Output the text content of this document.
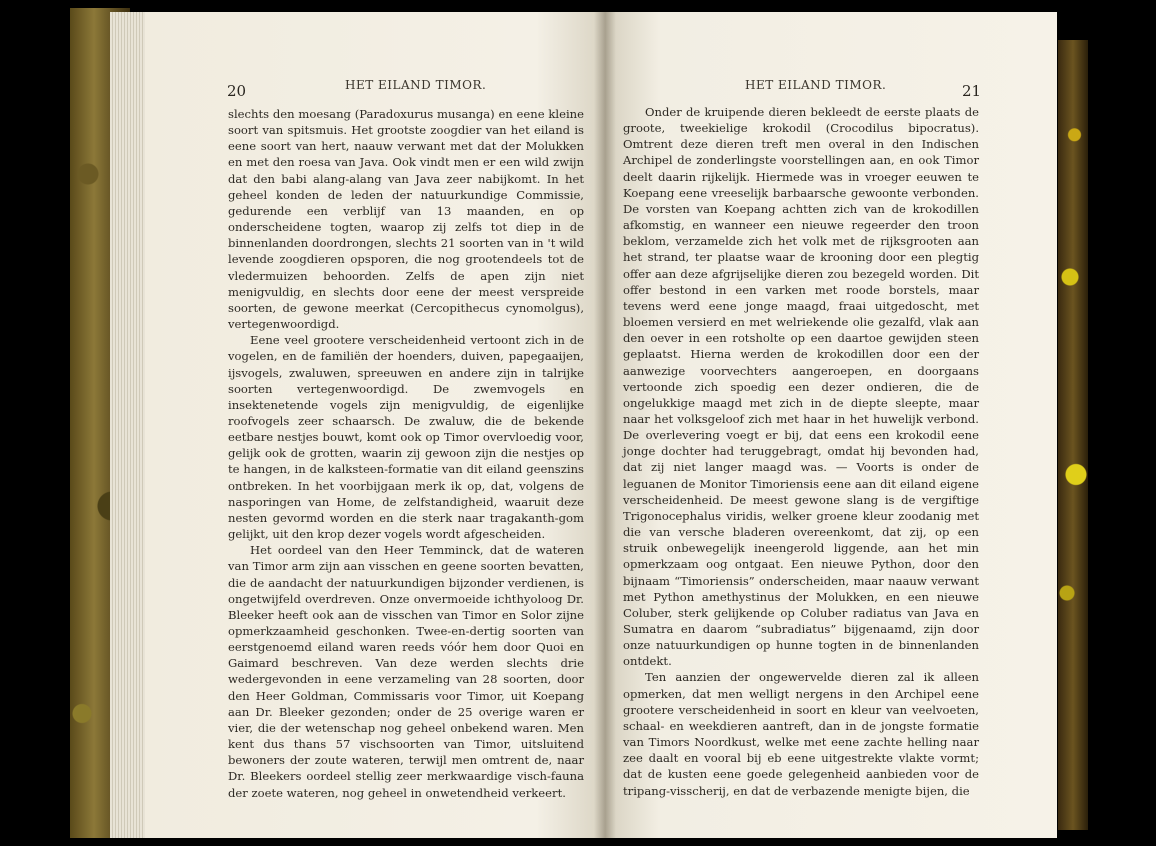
20	HET EILAND TIMOR.

slechts den moesang (Paradoxurus musanga) en eene kleine soort van spitsmuis. Het grootste zoogdier van het eiland is eene soort van hert, naauw verwant met dat der Molukken en met den roesa van Java. Ook vindt men er een wild zwijn dat den babi alang-alang van Java zeer nabijkomt. In het geheel konden de leden der natuurkundige Commissie, gedurende een verblijf van 13 maanden, en op onderscheidene togten, waarop zij zelfs tot diep in de binnenlanden doordrongen, slechts 21 soorten van in 't wild levende zoogdieren opsporen, die nog grootendeels tot de vledermuizen behoorden. Zelfs de apen zijn niet menigvuldig, en slechts door eene der meest verspreide soorten, de gewone meerkat (Cercopithecus cynomolgus), vertegenwoordigd.

Eene veel grootere verscheidenheid vertoont zich in de vogelen, en de familiën der hoenders, duiven, papegaaijen, ijsvogels, zwaluwen, spreeuwen en andere zijn in talrijke soorten vertegenwoordigd. De zwemvogels en insektenetende vogels zijn menigvuldig, de eigenlijke roofvogels zeer schaarsch. De zwaluw, die de bekende eetbare nestjes bouwt, komt ook op Timor overvloedig voor, gelijk ook de grotten, waarin zij gewoon zijn die nestjes op te hangen, in de kalksteen-formatie van dit eiland geenszins ontbreken. In het voorbijgaan merk ik op, dat, volgens de nasporingen van Home, de zelfstandigheid, waaruit deze nesten gevormd worden en die sterk naar tragakanth-gom gelijkt, uit den krop dezer vogels wordt afgescheiden.

Het oordeel van den Heer Temminck, dat de wateren van Timor arm zijn aan visschen en geene soorten bevatten, die de aandacht der natuurkundigen bijzonder verdienen, is ongetwijfeld overdreven. Onze onvermoeide ichthyoloog Dr. Bleeker heeft ook aan de visschen van Timor en Solor zijne opmerkzaamheid geschonken. Twee-en-dertig soorten van eerstgenoemd eiland waren reeds vóór hem door Quoi en Gaimard beschreven. Van deze werden slechts drie wedergevonden in eene verzameling van 28 soorten, door den Heer Goldman, Commissaris voor Timor, uit Koepang aan Dr. Bleeker gezonden; onder de 25 overige waren er vier, die der wetenschap nog geheel onbekend waren. Men kent dus thans 57 vischsoorten van Timor, uitsluitend bewoners der zoute wateren, terwijl men omtrent de, naar Dr. Bleekers oordeel stellig zeer merkwaardige visch-fauna der zoete wateren, nog geheel in onwetendheid verkeert.

HET EILAND TIMOR.	21

Onder de kruipende dieren bekleedt de eerste plaats de groote, tweekielige krokodil (Crocodilus bipocratus). Omtrent deze dieren treft men overal in den Indischen Archipel de zonderlingste voorstellingen aan, en ook Timor deelt daarin rijkelijk. Hiermede was in vroeger eeuwen te Koepang eene vreeselijk barbaarsche gewoonte verbonden. De vorsten van Koepang achtten zich van de krokodillen afkomstig, en wanneer een nieuwe regeerder den troon beklom, verzamelde zich het volk met de rijksgrooten aan het strand, ter plaatse waar de krooning door een plegtig offer aan deze afgrijselijke dieren zou bezegeld worden. Dit offer bestond in een varken met roode borstels, maar tevens werd eene jonge maagd, fraai uitgedoscht, met bloemen versierd en met welriekende olie gezalfd, vlak aan den oever in een rotsholte op een daartoe gewijden steen geplaatst. Hierna werden de krokodillen door een der aanwezige voorvechters aangeroepen, en doorgaans vertoonde zich spoedig een dezer ondieren, die de ongelukkige maagd met zich in de diepte sleepte, maar naar het volksgeloof zich met haar in het huwelijk verbond. De overlevering voegt er bij, dat eens een krokodil eene jonge dochter had teruggebragt, omdat hij bevonden had, dat zij niet langer maagd was. — Voorts is onder de leguanen de Monitor Timoriensis eene aan dit eiland eigene verscheidenheid. De meest gewone slang is de vergiftige Trigonocephalus viridis, welker groene kleur zoodanig met die van versche bladeren overeenkomt, dat zij, op een struik onbewegelijk ineengerold liggende, aan het min opmerkzaam oog ontgaat. Een nieuwe Python, door den bijnaam “Timoriensis” onderscheiden, maar naauw verwant met Python amethystinus der Molukken, en een nieuwe Coluber, sterk gelijkende op Coluber radiatus van Java en Sumatra en daarom “subradiatus” bijgenaamd, zijn door onze natuurkundigen op hunne togten in de binnenlanden ontdekt.

Ten aanzien der ongewervelde dieren zal ik alleen opmerken, dat men welligt nergens in den Archipel eene grootere verscheidenheid in soort en kleur van veelvoeten, schaal- en weekdieren aantreft, dan in de jongste formatie van Timors Noordkust, welke met eene zachte helling naar zee daalt en vooral bij eb eene uitgestrekte vlakte vormt; dat de kusten eene goede gelegenheid aanbieden voor de tripang-visscherij, en dat de verbazende menigte bijen, die
